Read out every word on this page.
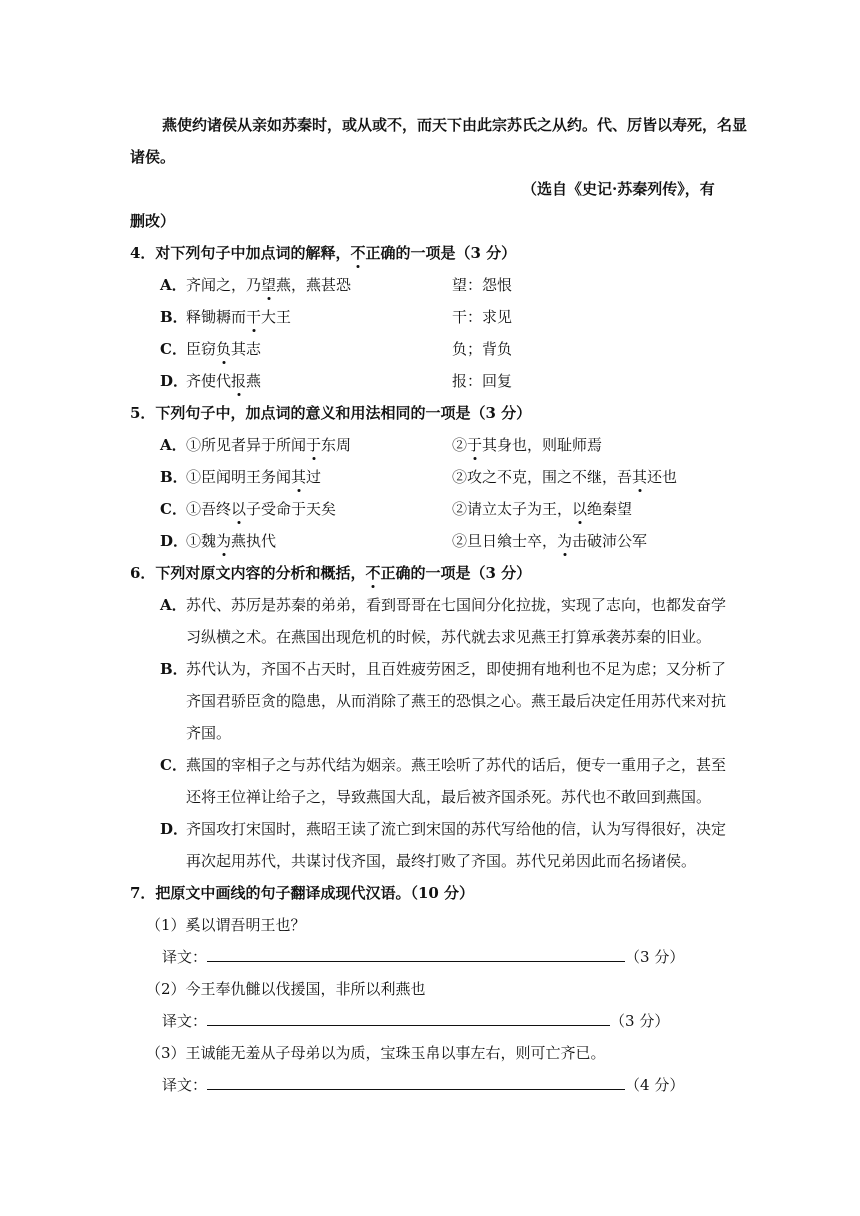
燕使约诸侯从亲如苏秦时，或从或不，而天下由此宗苏氏之从约。代、厉皆以寿死，名显
诸侯。
（选自《史记·苏秦列传》，有
删改）
4．对下列句子中加点词的解释，不正确的一项是（3 分）
A．齐闻之，乃望燕，燕甚恐	望：怨恨
B．释锄耨而干大王	干：求见
C．臣窃负其志	负；背负
D．齐使代报燕	报：回复
5．下列句子中，加点词的意义和用法相同的一项是（3 分）
A．①所见者异于所闻于东周	②于其身也，则耻师焉
B．①臣闻明王务闻其过	②攻之不克，围之不继，吾其还也
C．①吾终以子受命于天矣	②请立太子为王，以绝秦望
D．①魏为燕执代	②旦日飨士卒，为击破沛公军
6．下列对原文内容的分析和概括，不正确的一项是（3 分）
A．苏代、苏厉是苏秦的弟弟，看到哥哥在七国间分化拉拢，实现了志向，也都发奋学
习纵横之术。在燕国出现危机的时候，苏代就去求见燕王打算承袭苏秦的旧业。
B．苏代认为，齐国不占天时，且百姓疲劳困乏，即使拥有地利也不足为虑；又分析了
齐国君骄臣贪的隐患，从而消除了燕王的恐惧之心。燕王最后决定任用苏代来对抗
齐国。
C．燕国的宰相子之与苏代结为姻亲。燕王哙听了苏代的话后，便专一重用子之，甚至
还将王位禅让给子之，导致燕国大乱，最后被齐国杀死。苏代也不敢回到燕国。
D．齐国攻打宋国时，燕昭王读了流亡到宋国的苏代写给他的信，认为写得很好，决定
再次起用苏代，共谋讨伐齐国，最终打败了齐国。苏代兄弟因此而名扬诸侯。
7．把原文中画线的句子翻译成现代汉语。（10 分）
（1）奚以谓吾明王也？
译文：	（3 分）
（2）今王奉仇雠以伐援国，非所以利燕也
译文：	（3 分）
（3）王诚能无羞从子母弟以为质，宝珠玉帛以事左右，则可亡齐已。
译文：	（4 分）
